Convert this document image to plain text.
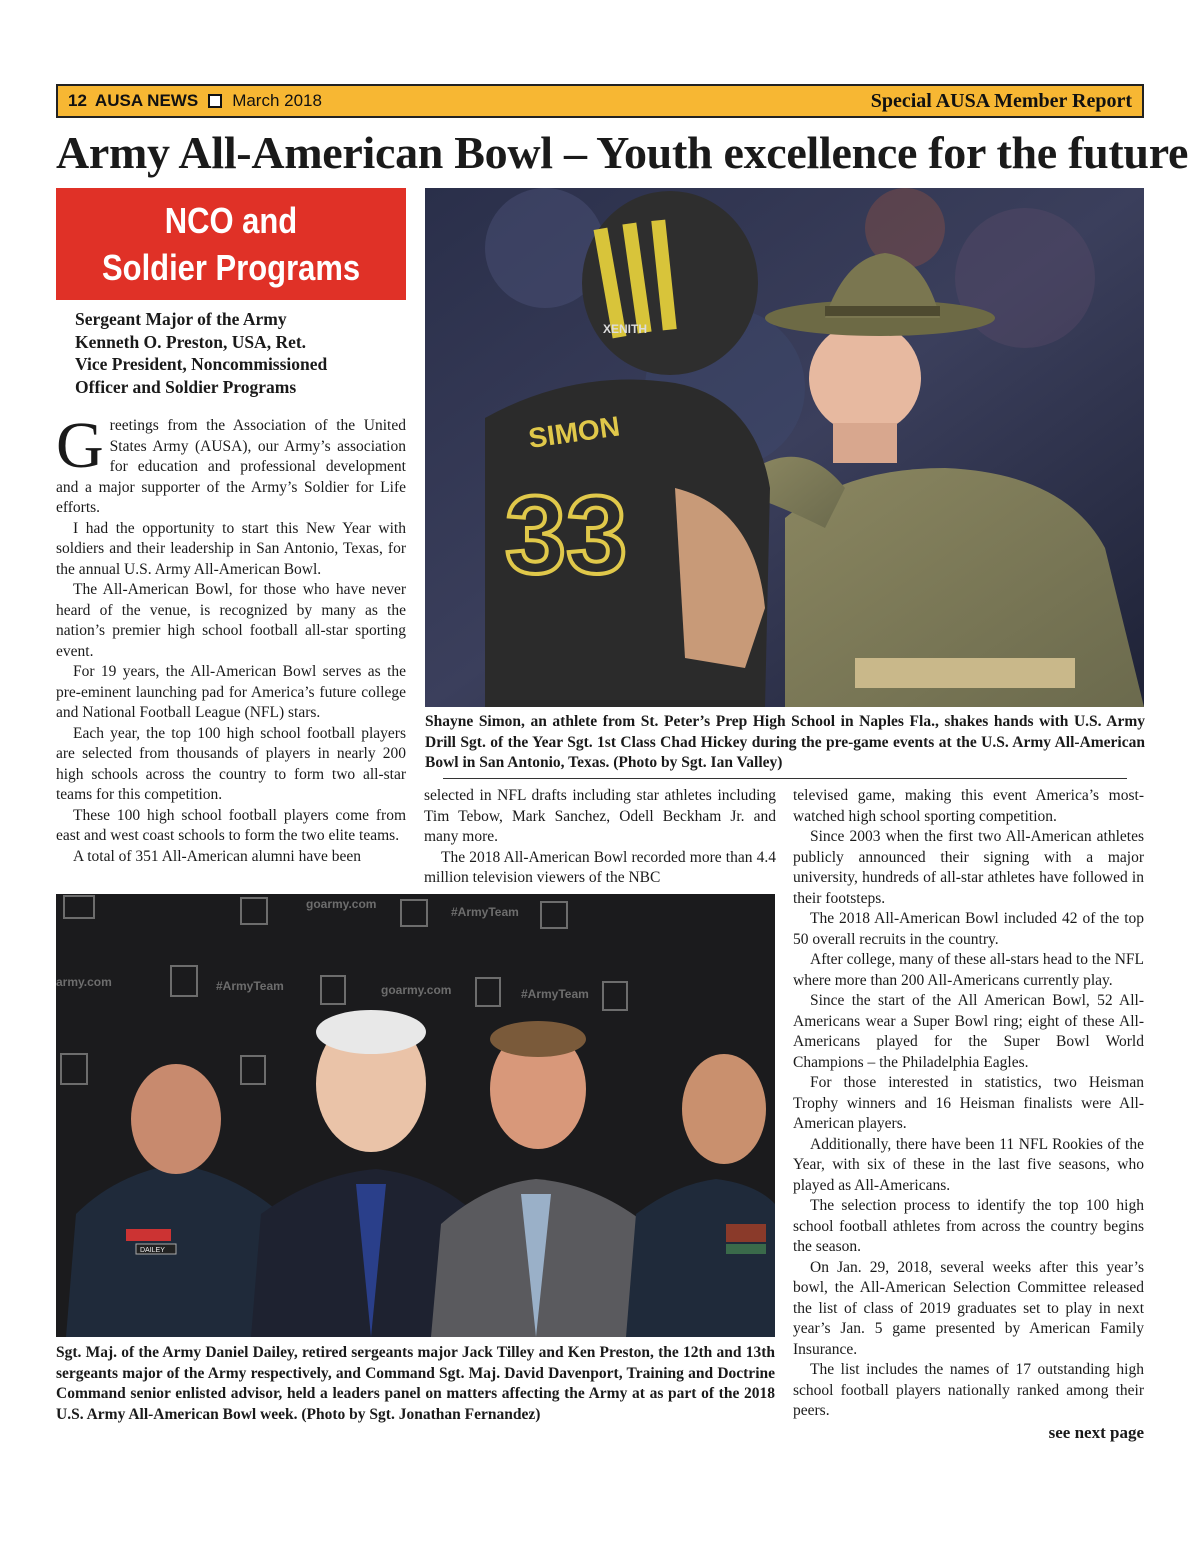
12 AUSA NEWS March 2018	Special AUSA Member Report
Army All-American Bowl – Youth excellence for the future
NCO and
Soldier Programs
Sergeant Major of the Army
Kenneth O. Preston, USA, Ret.
Vice President, Noncommissioned
Officer and Soldier Programs

Greetings from the Association of the United States Army (AUSA), our Army’s association for education and professional development and a major supporter of the Army’s Soldier for Life efforts.

I had the opportunity to start this New Year with soldiers and their leadership in San Antonio, Texas, for the annual U.S. Army All-American Bowl.

The All-American Bowl, for those who have never heard of the venue, is recognized by many as the nation’s premier high school football all-star sporting event.

For 19 years, the All-American Bowl serves as the pre-eminent launching pad for America’s future college and National Football League (NFL) stars.

Each year, the top 100 high school football players are selected from thousands of players in nearly 200 high schools across the country to form two all-star teams for this competition.

These 100 high school football players come from east and west coast schools to form the two elite teams.

A total of 351 All-American alumni have been

XENITH
SIMON
33
Shayne Simon, an athlete from St. Peter’s Prep High School in Naples Fla., shakes hands with U.S. Army Drill Sgt. of the Year Sgt. 1st Class Chad Hickey during the pre-game events at the U.S. Army All-American Bowl in San Antonio, Texas. (Photo by Sgt. Ian Valley)

selected in NFL drafts including star athletes including Tim Tebow, Mark Sanchez, Odell Beckham Jr. and many more.

The 2018 All-American Bowl recorded more than 4.4 million television viewers of the NBC

televised game, making this event America’s most-watched high school sporting competition.

Since 2003 when the first two All-American athletes publicly announced their signing with a major university, hundreds of all-star athletes have followed in their footsteps.

The 2018 All-American Bowl included 42 of the top 50 overall recruits in the country.

After college, many of these all-stars head to the NFL where more than 200 All-Americans currently play.

Since the start of the All American Bowl, 52 All-Americans wear a Super Bowl ring; eight of these All-Americans played for the Super Bowl World Champions – the Philadelphia Eagles.

For those interested in statistics, two Heisman Trophy winners and 16 Heisman finalists were All-American players.

Additionally, there have been 11 NFL Rookies of the Year, with six of these in the last five seasons, who played as All-Americans.

The selection process to identify the top 100 high school football athletes from across the country begins the season.

On Jan. 29, 2018, several weeks after this year’s bowl, the All-American Selection Committee released the list of class of 2019 graduates set to play in next year’s Jan. 5 game presented by American Family Insurance.

The list includes the names of 17 outstanding high school football players nationally ranked among their peers.

goarmy.com
#ArmyTeam
army.com	#ArmyTeam	goarmy.com	#ArmyTeam
DAILEY
Sgt. Maj. of the Army Daniel Dailey, retired sergeants major Jack Tilley and Ken Preston, the 12th and 13th sergeants major of the Army respectively, and Command Sgt. Maj. David Davenport, Training and Doctrine Command senior enlisted advisor, held a leaders panel on matters affecting the Army at as part of the 2018 U.S. Army All-American Bowl week. (Photo by Sgt. Jonathan Fernandez)
see next page
